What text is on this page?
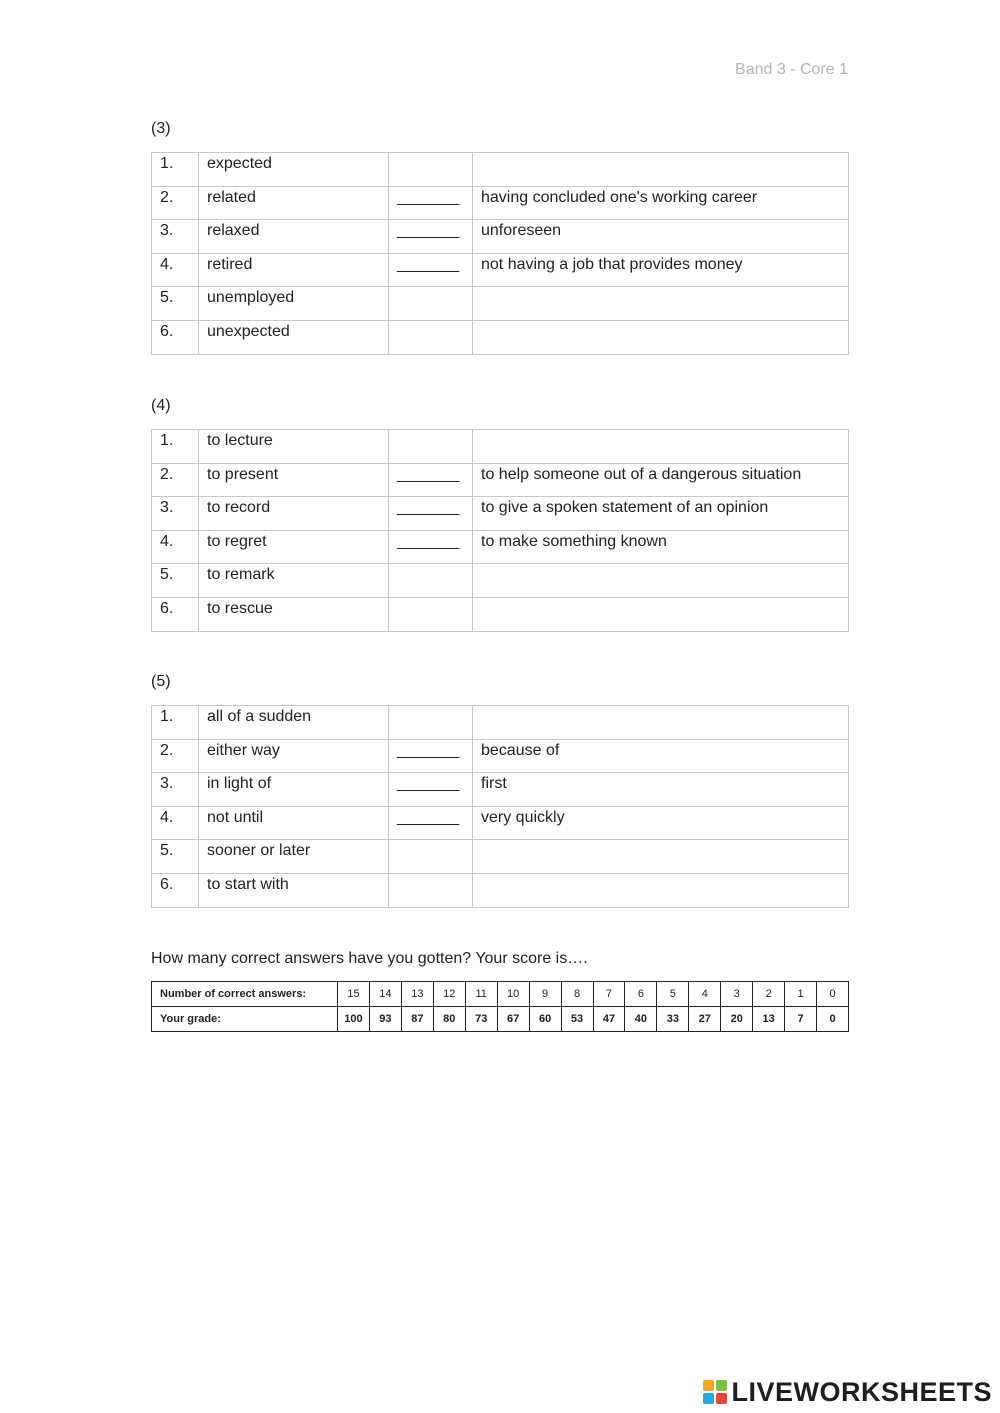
Band 3 - Core 1
(3)
1.	expected		
2.	related	_______	having concluded one's working career
3.	relaxed	_______	unforeseen
4.	retired	_______	not having a job that provides money
5.	unemployed		
6.	unexpected		
(4)
1.	to lecture		
2.	to present	_______	to help someone out of a dangerous situation
3.	to record	_______	to give a spoken statement of an opinion
4.	to regret	_______	to make something known
5.	to remark		
6.	to rescue		
(5)
1.	all of a sudden		
2.	either way	_______	because of
3.	in light of	_______	first
4.	not until	_______	very quickly
5.	sooner or later		
6.	to start with		
How many correct answers have you gotten? Your score is….
Number of correct answers:	15	14	13	12	11	10	9	8	7	6	5	4	3	2	1	0
Your grade:	100	93	87	80	73	67	60	53	47	40	33	27	20	13	7	0
LIVEWORKSHEETS
